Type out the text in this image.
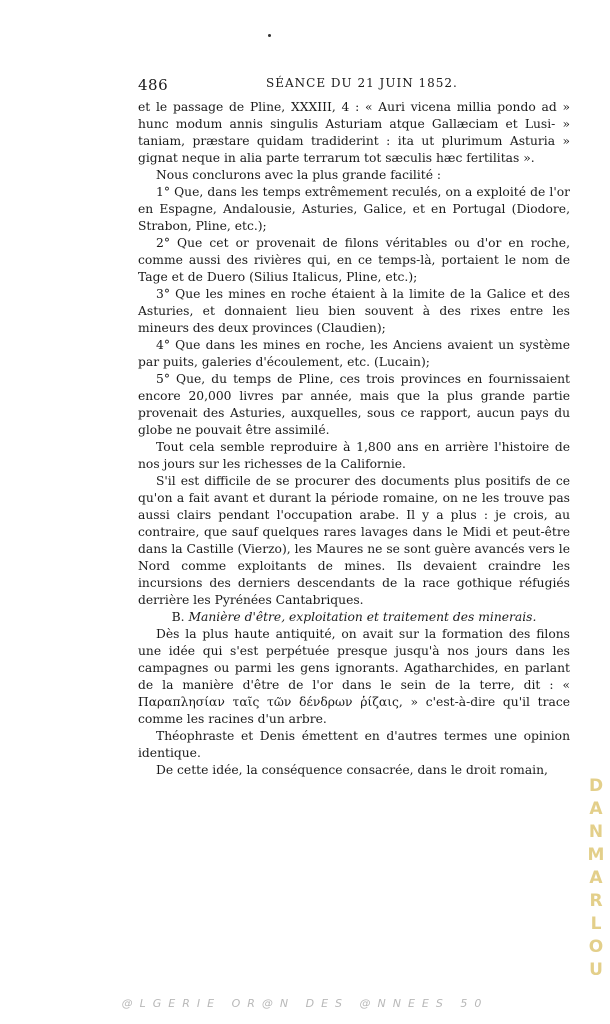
486	SÉANCE DU 21 JUIN 1852.

et le passage de Pline, XXXIII, 4 : « Auri vicena millia pondo ad » hunc modum annis singulis Asturiam atque Gallæciam et Lusi- » taniam, præstare quidam tradiderint : ita ut plurimum Asturia » gignat neque in alia parte terrarum tot sæculis hæc fertilitas ».

Nous conclurons avec la plus grande facilité :

1° Que, dans les temps extrêmement reculés, on a exploité de l'or en Espagne, Andalousie, Asturies, Galice, et en Portugal (Diodore, Strabon, Pline, etc.);

2° Que cet or provenait de filons véritables ou d'or en roche, comme aussi des rivières qui, en ce temps-là, portaient le nom de Tage et de Duero (Silius Italicus, Pline, etc.);

3° Que les mines en roche étaient à la limite de la Galice et des Asturies, et donnaient lieu bien souvent à des rixes entre les mineurs des deux provinces (Claudien);

4° Que dans les mines en roche, les Anciens avaient un système par puits, galeries d'écoulement, etc. (Lucain);

5° Que, du temps de Pline, ces trois provinces en fournissaient encore 20,000 livres par année, mais que la plus grande partie provenait des Asturies, auxquelles, sous ce rapport, aucun pays du globe ne pouvait être assimilé.

Tout cela semble reproduire à 1,800 ans en arrière l'histoire de nos jours sur les richesses de la Californie.

S'il est difficile de se procurer des documents plus positifs de ce qu'on a fait avant et durant la période romaine, on ne les trouve pas aussi clairs pendant l'occupation arabe. Il y a plus : je crois, au contraire, que sauf quelques rares lavages dans le Midi et peut-être dans la Castille (Vierzo), les Maures ne se sont guère avancés vers le Nord comme exploitants de mines. Ils devaient craindre les incursions des derniers descendants de la race gothique réfugiés derrière les Pyrénées Cantabriques.

B. Manière d'être, exploitation et traitement des minerais.

Dès la plus haute antiquité, on avait sur la formation des filons une idée qui s'est perpétuée presque jusqu'à nos jours dans les campagnes ou parmi les gens ignorants. Agatharchides, en parlant de la manière d'être de l'or dans le sein de la terre, dit : « Παραπλησίαν ταῖς τῶν δένδρων ῥίζαις, » c'est-à-dire qu'il trace comme les racines d'un arbre.

Théophraste et Denis émettent en d'autres termes une opinion identique.

De cette idée, la conséquence consacrée, dans le droit romain,

DANMARLOU
@LGERIE OR@N DES @NNEES 50
